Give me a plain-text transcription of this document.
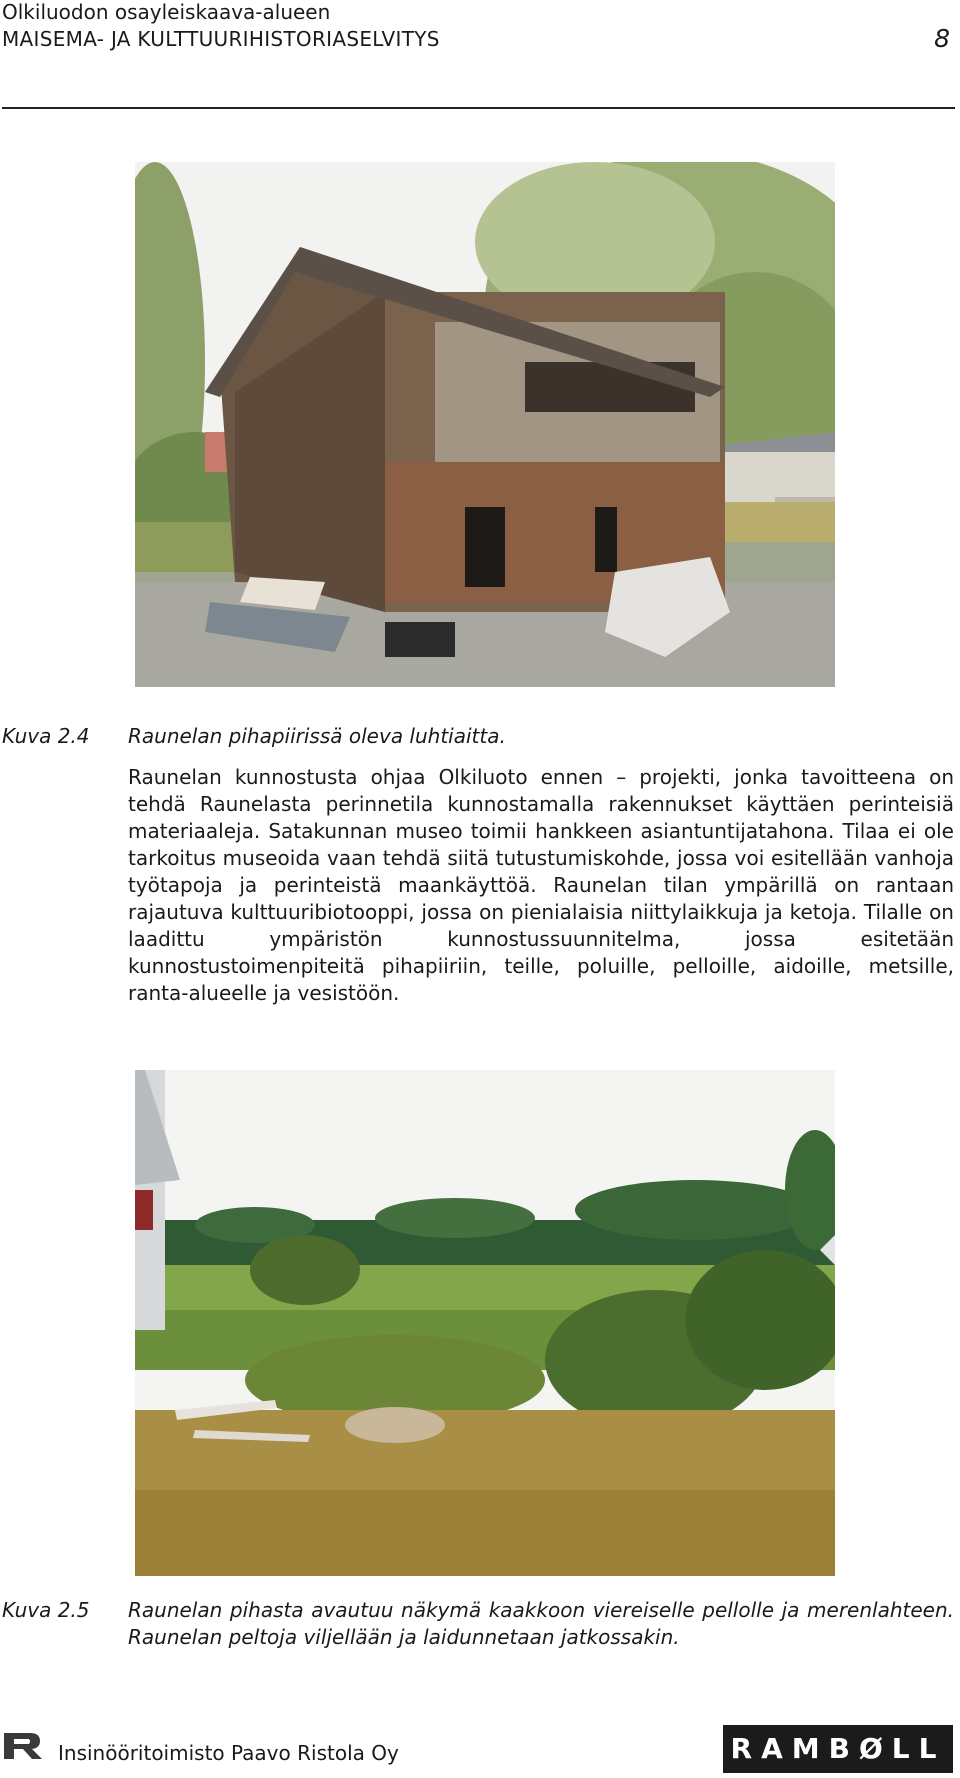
Olkiluodon osayleiskaava-alueen
MAISEMA- JA KULTTUURIHISTORIASELVITYS	8
Kuva 2.4 Raunelan pihapiirissä oleva luhtiaitta.
Raunelan kunnostusta ohjaa Olkiluoto ennen – projekti, jonka tavoitteena on tehdä Raunelasta perinnetila kunnostamalla rakennukset käyttäen perinteisiä materiaaleja. Satakunnan museo toimii hankkeen asiantuntijatahona. Tilaa ei ole tarkoitus museoida vaan tehdä siitä tutustumiskohde, jossa voi esitellään vanhoja työtapoja ja perinteistä maankäyttöä. Raunelan tilan ympärillä on rantaan rajautuva kulttuuribiotooppi, jossa on pienialaisia niittylaikkuja ja ketoja. Tilalle on laadittu ympäristön kunnostussuunnitelma, jossa esitetään kunnostustoimenpiteitä pihapiiriin, teille, poluille, pelloille, aidoille, metsille, ranta-alueelle ja vesistöön.
Kuva 2.5 Raunelan pihasta avautuu näkymä kaakkoon viereiselle pellolle ja merenlahteen. Raunelan peltoja viljellään ja laidunnetaan jatkossakin.
Insinööritoimisto Paavo Ristola Oy	RAMBØLL
